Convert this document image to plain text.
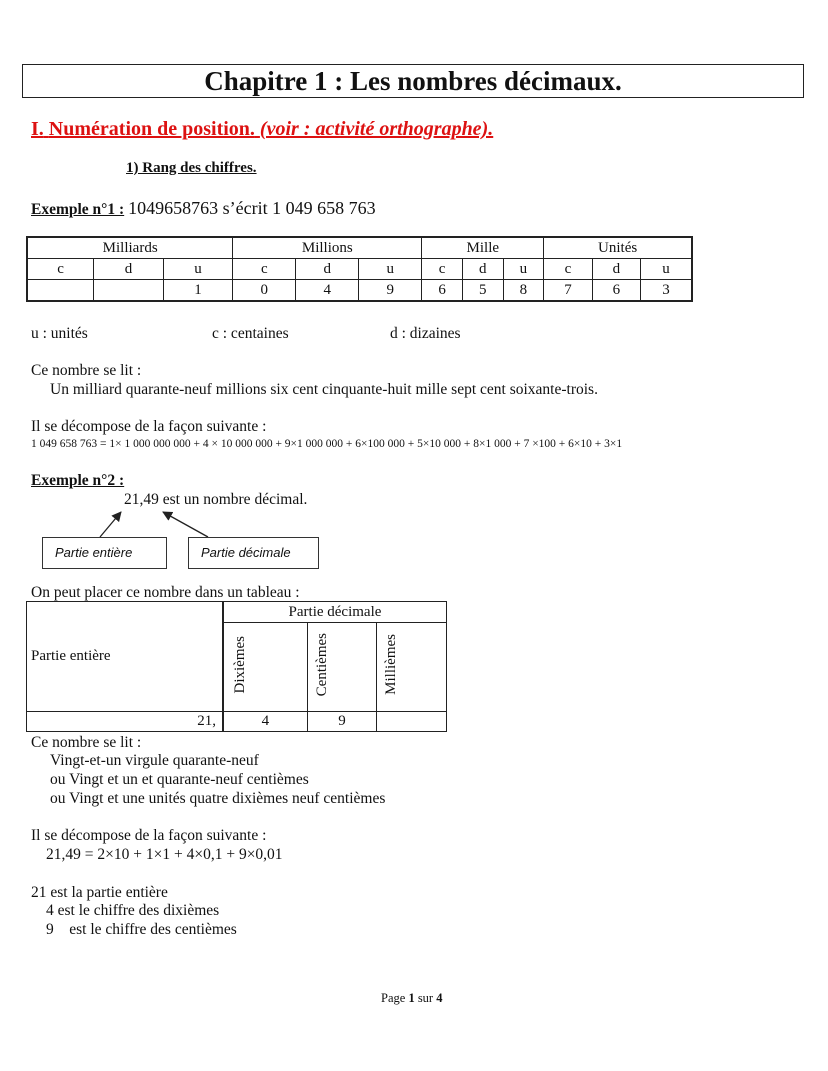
Chapitre 1 : Les nombres décimaux.
I. Numération de position. (voir : activité orthographe).
1) Rang des chiffres.
Exemple n°1 : 1049658763 s’écrit 1 049 658 763
Milliards			Millions			Mille			Unités		
c	d	u	c	d	u	c	d	u	c	d	u
		1	0	4	9	6	5	8	7	6	3
u : unités	c : centaines	d : dizaines
Ce nombre se lit :
Un milliard quarante-neuf millions six cent cinquante-huit mille sept cent soixante-trois.
Il se décompose de la façon suivante :
1 049 658 763 = 1× 1 000 000 000 + 4 × 10 000 000 + 9×1 000 000 + 6×100 000 + 5×10 000 + 8×1 000 + 7 ×100 + 6×10 + 3×1
Exemple n°2 :
21,49 est un nombre décimal.
Partie entière	Partie décimale
On peut placer ce nombre dans un tableau :
Partie entière	Partie décimale		
	Dixièmes	Centièmes	Millièmes
21,	4	9	
Ce nombre se lit :
Vingt-et-un virgule quarante-neuf
ou Vingt et un et quarante-neuf centièmes
ou Vingt et une unités quatre dixièmes neuf centièmes
Il se décompose de la façon suivante :
21,49 = 2×10 + 1×1 + 4×0,1 + 9×0,01
21 est la partie entière
4 est le chiffre des dixièmes
9    est le chiffre des centièmes
Page 1 sur 4
